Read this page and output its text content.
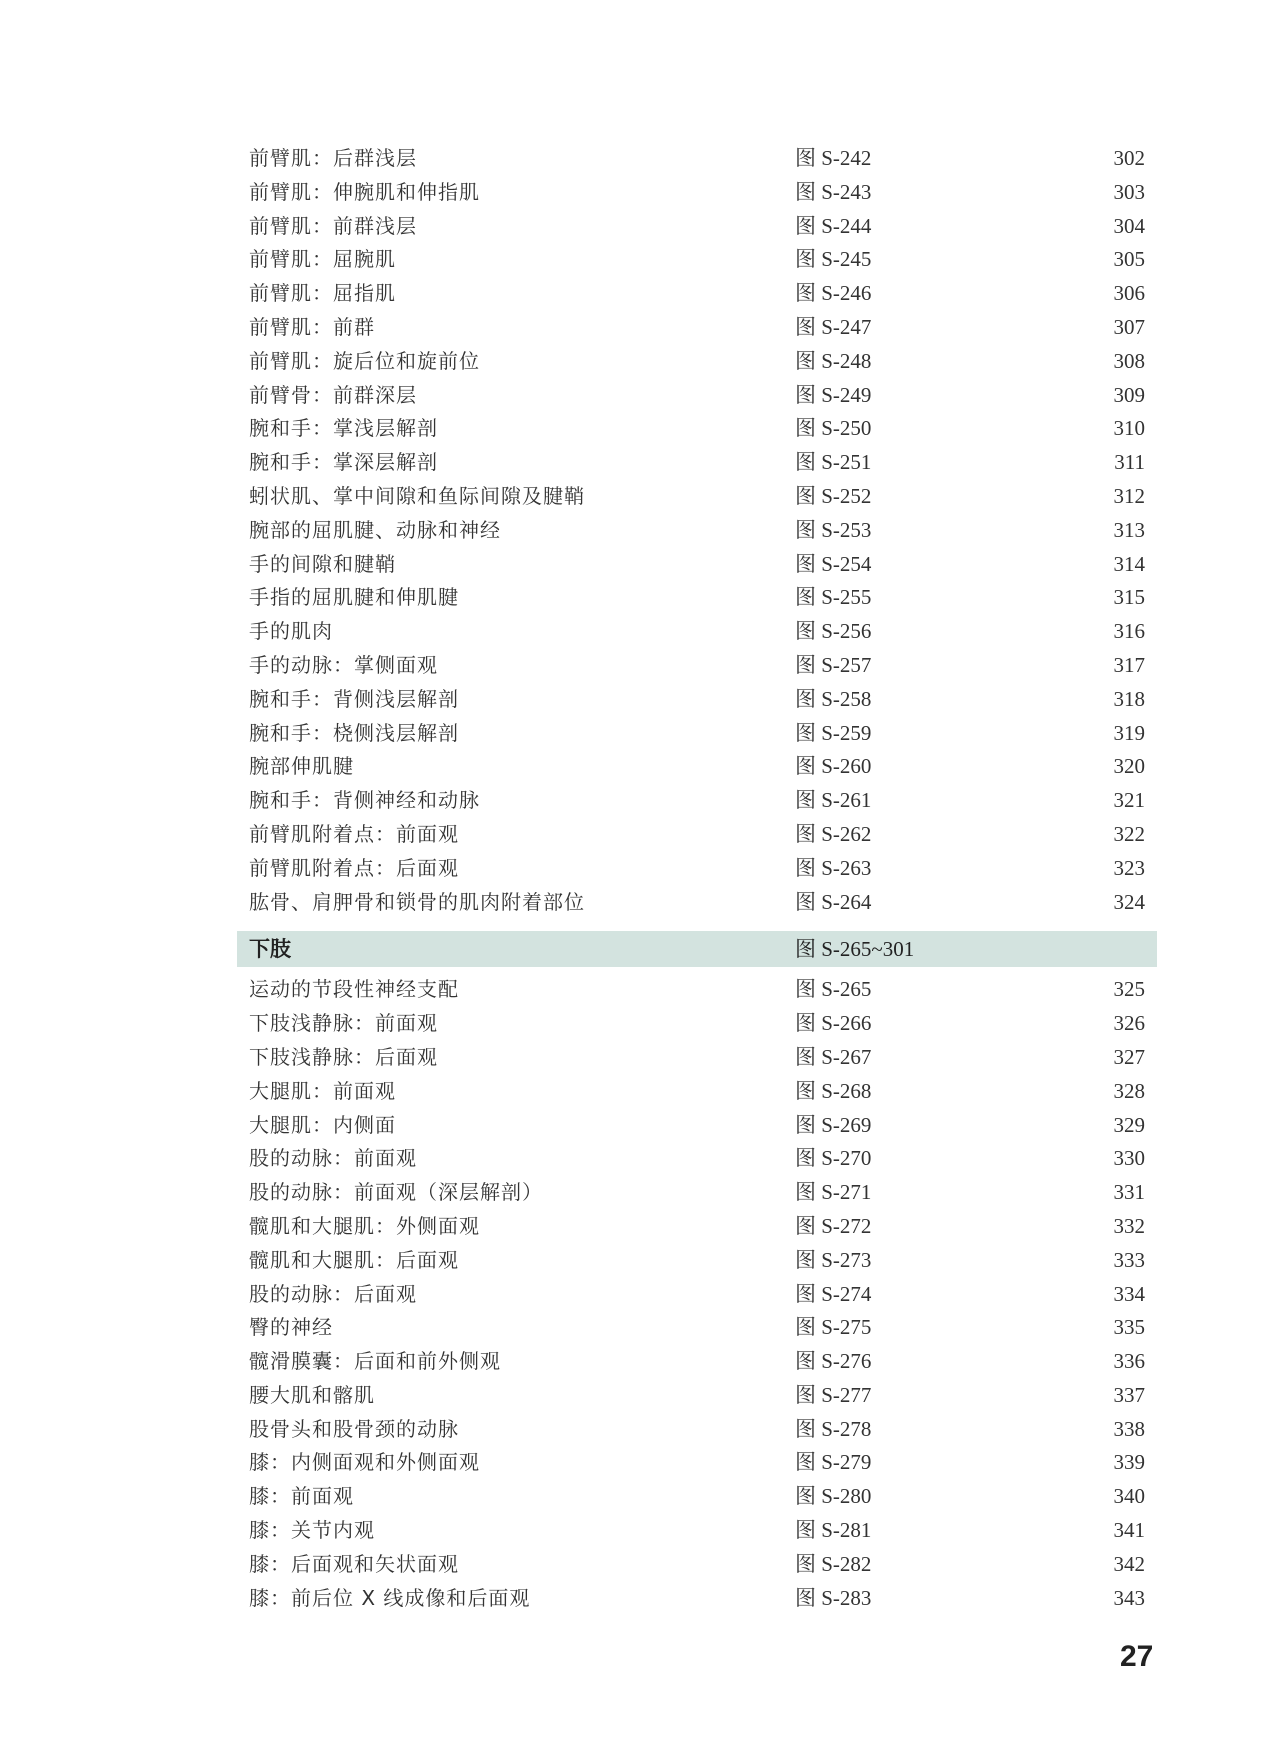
前臂肌：后群浅层	图 S-242	302
前臂肌：伸腕肌和伸指肌	图 S-243	303
前臂肌：前群浅层	图 S-244	304
前臂肌：屈腕肌	图 S-245	305
前臂肌：屈指肌	图 S-246	306
前臂肌：前群	图 S-247	307
前臂肌：旋后位和旋前位	图 S-248	308
前臂骨：前群深层	图 S-249	309
腕和手：掌浅层解剖	图 S-250	310
腕和手：掌深层解剖	图 S-251	311
蚓状肌、掌中间隙和鱼际间隙及腱鞘	图 S-252	312
腕部的屈肌腱、动脉和神经	图 S-253	313
手的间隙和腱鞘	图 S-254	314
手指的屈肌腱和伸肌腱	图 S-255	315
手的肌肉	图 S-256	316
手的动脉：掌侧面观	图 S-257	317
腕和手：背侧浅层解剖	图 S-258	318
腕和手：桡侧浅层解剖	图 S-259	319
腕部伸肌腱	图 S-260	320
腕和手：背侧神经和动脉	图 S-261	321
前臂肌附着点：前面观	图 S-262	322
前臂肌附着点：后面观	图 S-263	323
肱骨、肩胛骨和锁骨的肌肉附着部位	图 S-264	324
下肢	图 S-265~301
运动的节段性神经支配	图 S-265	325
下肢浅静脉：前面观	图 S-266	326
下肢浅静脉：后面观	图 S-267	327
大腿肌：前面观	图 S-268	328
大腿肌：内侧面	图 S-269	329
股的动脉：前面观	图 S-270	330
股的动脉：前面观（深层解剖）	图 S-271	331
髋肌和大腿肌：外侧面观	图 S-272	332
髋肌和大腿肌：后面观	图 S-273	333
股的动脉：后面观	图 S-274	334
臀的神经	图 S-275	335
髋滑膜囊：后面和前外侧观	图 S-276	336
腰大肌和髂肌	图 S-277	337
股骨头和股骨颈的动脉	图 S-278	338
膝：内侧面观和外侧面观	图 S-279	339
膝：前面观	图 S-280	340
膝：关节内观	图 S-281	341
膝：后面观和矢状面观	图 S-282	342
膝：前后位 X 线成像和后面观	图 S-283	343
27
